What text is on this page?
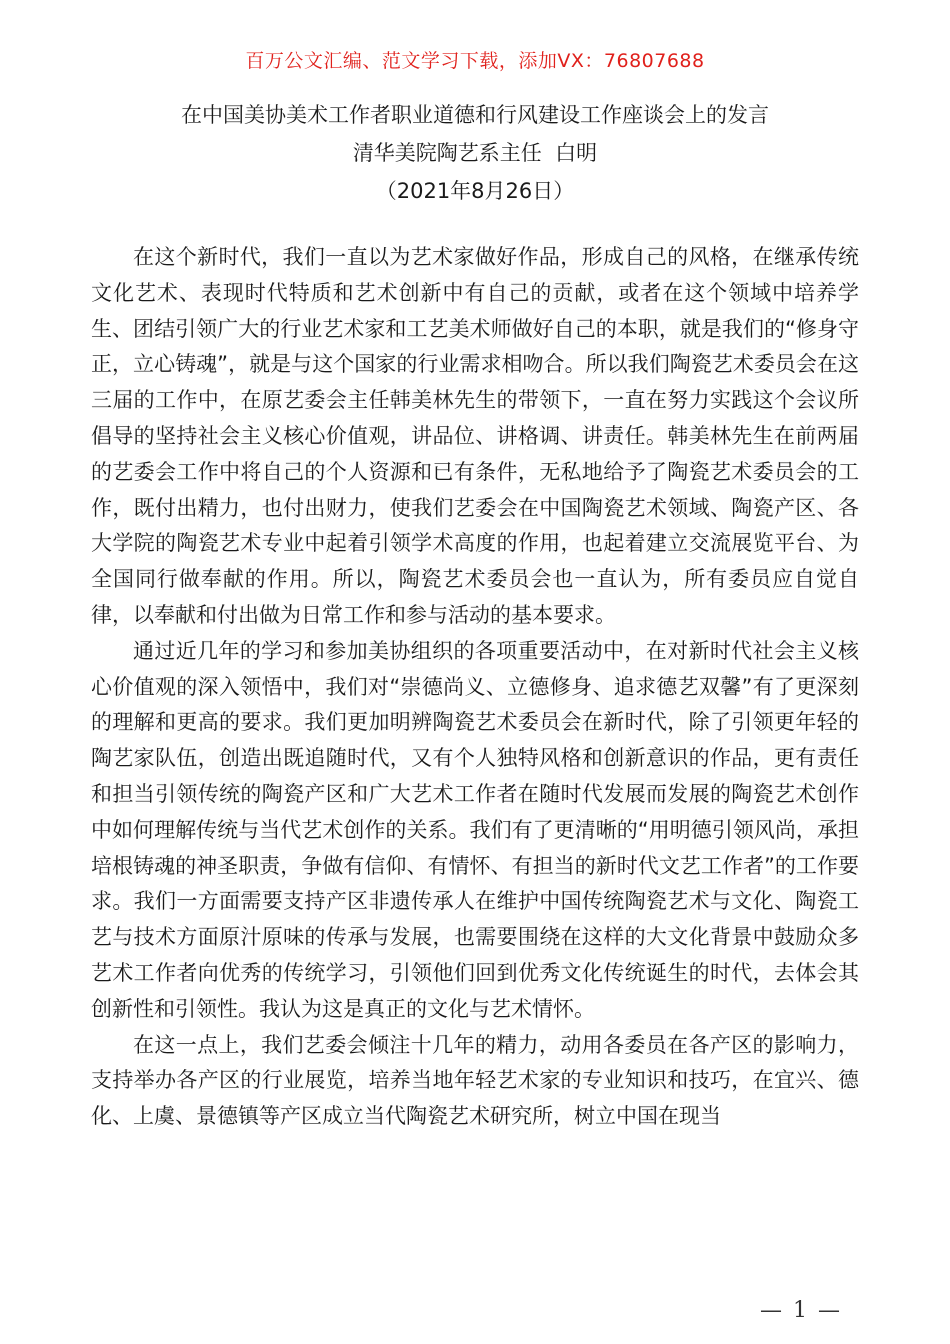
百万公文汇编、范文学习下载，添加VX：76807688
在中国美协美术工作者职业道德和行风建设工作座谈会上的发言
清华美院陶艺系主任  白明
（2021年8月26日）

在这个新时代，我们一直以为艺术家做好作品，形成自己的风格，在继承传统文化艺术、表现时代特质和艺术创新中有自己的贡献，或者在这个领域中培养学生、团结引领广大的行业艺术家和工艺美术师做好自己的本职，就是我们的“修身守正，立心铸魂”，就是与这个国家的行业需求相吻合。所以我们陶瓷艺术委员会在这三届的工作中，在原艺委会主任韩美林先生的带领下，一直在努力实践这个会议所倡导的坚持社会主义核心价值观，讲品位、讲格调、讲责任。韩美林先生在前两届的艺委会工作中将自己的个人资源和已有条件，无私地给予了陶瓷艺术委员会的工作，既付出精力，也付出财力，使我们艺委会在中国陶瓷艺术领域、陶瓷产区、各大学院的陶瓷艺术专业中起着引领学术高度的作用，也起着建立交流展览平台、为全国同行做奉献的作用。所以，陶瓷艺术委员会也一直认为，所有委员应自觉自律，以奉献和付出做为日常工作和参与活动的基本要求。

通过近几年的学习和参加美协组织的各项重要活动中，在对新时代社会主义核心价值观的深入领悟中，我们对“崇德尚义、立德修身、追求德艺双馨”有了更深刻的理解和更高的要求。我们更加明辨陶瓷艺术委员会在新时代，除了引领更年轻的陶艺家队伍，创造出既追随时代，又有个人独特风格和创新意识的作品，更有责任和担当引领传统的陶瓷产区和广大艺术工作者在随时代发展而发展的陶瓷艺术创作中如何理解传统与当代艺术创作的关系。我们有了更清晰的“用明德引领风尚，承担培根铸魂的神圣职责，争做有信仰、有情怀、有担当的新时代文艺工作者”的工作要求。我们一方面需要支持产区非遗传承人在维护中国传统陶瓷艺术与文化、陶瓷工艺与技术方面原汁原味的传承与发展，也需要围绕在这样的大文化背景中鼓励众多艺术工作者向优秀的传统学习，引领他们回到优秀文化传统诞生的时代，去体会其创新性和引领性。我认为这是真正的文化与艺术情怀。

在这一点上，我们艺委会倾注十几年的精力，动用各委员在各产区的影响力，支持举办各产区的行业展览，培养当地年轻艺术家的专业知识和技巧，在宜兴、德化、上虞、景德镇等产区成立当代陶瓷艺术研究所，树立中国在现当

— 1 —
